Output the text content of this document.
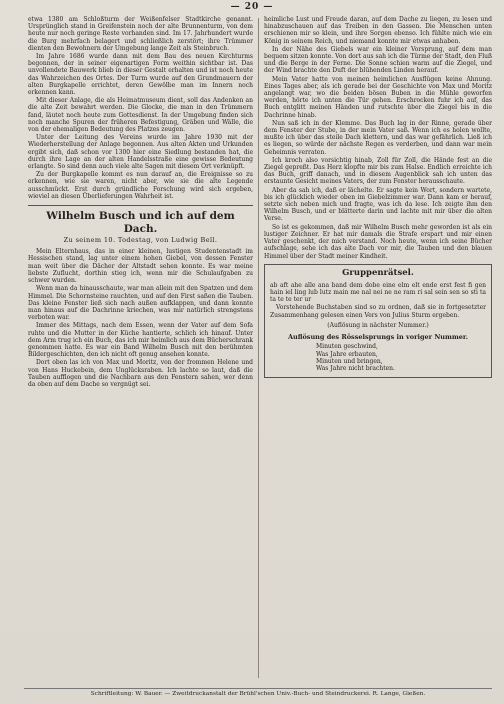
— 20 —

etwa 1380 am Schloßturm der Weißenfelser Stadtkirche genannt. Ursprünglich stand in Greifenstein noch der alte Brunnenturm, von dem heute nur noch geringe Reste vorhanden sind. Im 17. Jahrhundert wurde die Burg mehrfach belagert und schließlich zerstört; ihre Trümmer dienten den Bewohnern der Umgebung lange Zeit als Steinbruch.

Im Jahre 1686 wurde dann mit dem Bau des neuen Kirchturms begonnen, der in seiner eigenartigen Form weithin sichtbar ist. Das unvollendete Bauwerk blieb in dieser Gestalt erhalten und ist noch heute das Wahrzeichen des Ortes. Der Turm wurde auf den Grundmauern der alten Burgkapelle errichtet, deren Gewölbe man im Innern noch erkennen kann.

Mit dieser Anlage, die als Heimatmuseum dient, soll das Andenken an die alte Zeit bewahrt werden. Die Glocke, die man in den Trümmern fand, läutet noch heute zum Gottesdienst. In der Umgebung finden sich noch manche Spuren der früheren Befestigung, Gräben und Wälle, die von der ehemaligen Bedeutung des Platzes zeugen.

Unter der Leitung des Vereins wurde im Jahre 1930 mit der Wiederherstellung der Anlage begonnen. Aus alten Akten und Urkunden ergibt sich, daß schon vor 1300 hier eine Siedlung bestanden hat, die durch ihre Lage an der alten Handelsstraße eine gewisse Bedeutung erlangte. So sind denn auch viele alte Sagen mit diesem Ort verknüpft.

Zu der Burgkapelle kommt es nun darauf an, die Ereignisse so zu erkennen, wie sie waren, nicht aber, wie sie die alte Legende ausschmückt. Erst durch gründliche Forschung wird sich ergeben, wieviel an diesen Überlieferungen Wahrheit ist.

Wilhelm Busch und ich auf dem Dach.
Zu seinem 10. Todestag, von Ludwig Bell.

Mein Elternhaus, das in einer kleinen, lustigen Studentenstadt im Hessischen stand, lag unter einem hohen Giebel, von dessen Fenster man weit über die Dächer der Altstadt sehen konnte. Es war meine liebste Zuflucht, dorthin stieg ich, wenn mir die Schulaufgaben zu schwer wurden.

Wenn man da hinausschaute, war man allein mit den Spatzen und dem Himmel. Die Schornsteine rauchten, und auf den First saßen die Tauben. Das kleine Fenster ließ sich nach außen aufklappen, und dann konnte man hinaus auf die Dachrinne kriechen, was mir natürlich strengstens verboten war.

Immer des Mittags, nach dem Essen, wenn der Vater auf dem Sofa ruhte und die Mutter in der Küche hantierte, schlich ich hinauf. Unter dem Arm trug ich ein Buch, das ich mir heimlich aus dem Bücherschrank genommen hatte. Es war ein Band Wilhelm Busch mit den berühmten Bildergeschichten, den ich nicht oft genug ansehen konnte.

Dort oben las ich von Max und Moritz, von der frommen Helene und von Hans Huckebein, dem Unglücksraben. Ich lachte so laut, daß die Tauben aufflogen und die Nachbarn aus den Fenstern sahen, wer denn da oben auf dem Dache so vergnügt sei.

heimliche Lust und Freude daran, auf dem Dache zu liegen, zu lesen und hinabzuschauen auf das Treiben in den Gassen. Die Menschen unten erschienen mir so klein, und ihre Sorgen ebenso. Ich fühlte mich wie ein König in seinem Reich, und niemand konnte mir etwas anhaben.

In der Nähe des Giebels war ein kleiner Vorsprung, auf dem man bequem sitzen konnte. Von dort aus sah ich die Türme der Stadt, den Fluß und die Berge in der Ferne. Die Sonne schien warm auf die Ziegel, und der Wind brachte den Duft der blühenden Linden herauf.

Mein Vater hatte von meinen heimlichen Ausflügen keine Ahnung. Eines Tages aber, als ich gerade bei der Geschichte von Max und Moritz angelangt war, wo die beiden bösen Buben in die Mühle geworfen werden, hörte ich unten die Tür gehen. Erschrocken fuhr ich auf, das Buch entglitt meinen Händen und rutschte über die Ziegel bis in die Dachrinne hinab.

Nun saß ich in der Klemme. Das Buch lag in der Rinne, gerade über dem Fenster der Stube, in der mein Vater saß. Wenn ich es holen wollte, mußte ich über das steile Dach klettern, und das war gefährlich. Ließ ich es liegen, so würde der nächste Regen es verderben, und dann war mein Geheimnis verraten.

Ich kroch also vorsichtig hinab, Zoll für Zoll, die Hände fest an die Ziegel gepreßt. Das Herz klopfte mir bis zum Halse. Endlich erreichte ich das Buch, griff danach, und in diesem Augenblick sah ich unten das erstaunte Gesicht meines Vaters, der zum Fenster herausschaute.

Aber da sah ich, daß er lächelte. Er sagte kein Wort, sondern wartete, bis ich glücklich wieder oben im Giebelzimmer war. Dann kam er herauf, setzte sich neben mich und fragte, was ich da lese. Ich zeigte ihm den Wilhelm Busch, und er blätterte darin und lachte mit mir über die alten Verse.

So ist es gekommen, daß mir Wilhelm Busch mehr geworden ist als ein lustiger Zeichner. Er hat mir damals die Strafe erspart und mir einen Vater geschenkt, der mich verstand. Noch heute, wenn ich seine Bücher aufschlage, sehe ich das alte Dach vor mir, die Tauben und den blauen Himmel über der Stadt meiner Kindheit.

Gruppenrätsel.

ab aft ahe alle ana band dem dobe eine elm elt ende erst fest fi gen hain iel ling lub lutz main me nal nei ne ne ram ri sal sein sen so sti ta ta te te ter ur

Vorstehende Buchstaben sind so zu ordnen, daß sie in fortgesetzter Zusammenhang gelesen einen Vers von Julius Sturm ergeben.

(Auflösung in nächster Nummer.)

Auflösung des Rösselsprungs in voriger Nummer.
Minuten geschwind,
Was Jahre erbauten,
Minuten und bringen,
Was Jahre nicht brachten.
Schriftleitung: W. Bauer. — Zweitdruckanstalt der Brühl'schen Univ.-Buch- und Steindruckerei. R. Lange, Gießen.
